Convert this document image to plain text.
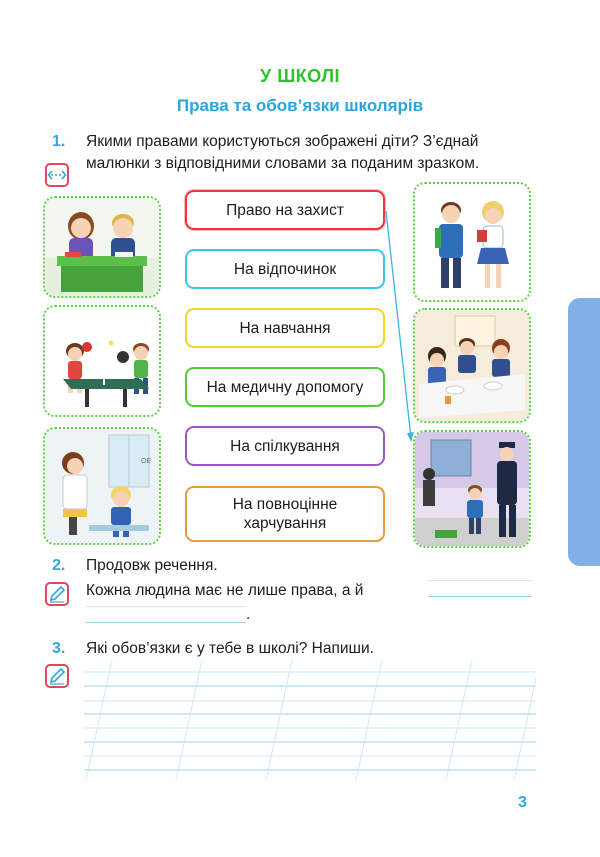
У ШКОЛІ
Права та обов’язки школярів
1. Якими правами користуються зображені діти? З’єднай
малюнки з відповідними словами за поданим зразком.
OE
Право на захист
На відпочинок
На навчання
На медичну допомогу
На спілкування
На повноцінне харчування
2. Продовж речення.
Кожна людина має не лише права, а й
.
3. Які обов’язки є у тебе в школі? Напиши.
3
